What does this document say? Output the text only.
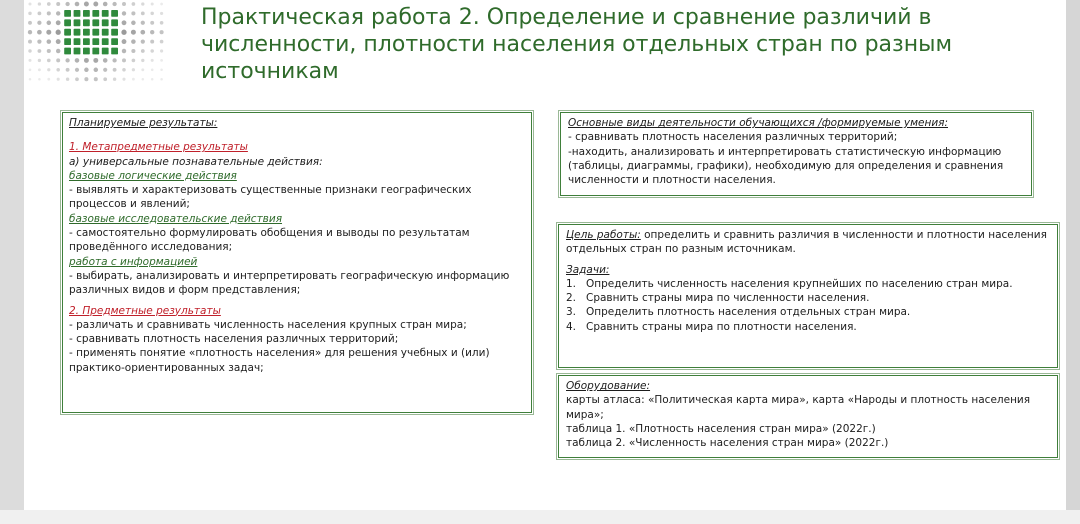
Практическая работа 2. Определение и сравнение различий в численности, плотности населения отдельных стран по разным источникам
Планируемые результаты:
1. Метапредметные результаты
а) универсальные познавательные действия:
базовые логические действия
- выявлять и характеризовать существенные признаки географических процессов и явлений;
базовые исследовательские действия
- самостоятельно формулировать обобщения и выводы по результатам проведённого исследования;
работа с информацией
- выбирать, анализировать и интерпретировать географическую информацию различных видов и форм представления;
2. Предметные результаты
- различать и сравнивать численность населения крупных стран мира;
- сравнивать плотность населения различных территорий;
- применять понятие «плотность населения» для решения учебных и (или) практико-ориентированных задач;
Основные виды деятельности обучающихся /формируемые умения:
- сравнивать плотность населения различных территорий;
-находить, анализировать и интерпретировать статистическую информацию (таблицы, диаграммы, графики), необходимую для определения и сравнения численности и плотности населения.
Цель работы: определить и сравнить различия в численности и плотности населения отдельных стран по разным источникам.
Задачи:
1. Определить численность населения крупнейших по населению стран мира.
2. Сравнить страны мира по численности населения.
3. Определить плотность населения отдельных стран мира.
4. Сравнить страны мира по плотности населения.
Оборудование:
карты атласа: «Политическая карта мира», карта «Народы и плотность населения мира»;
таблица 1. «Плотность населения стран мира» (2022г.)
таблица 2. «Численность населения стран мира» (2022г.)
